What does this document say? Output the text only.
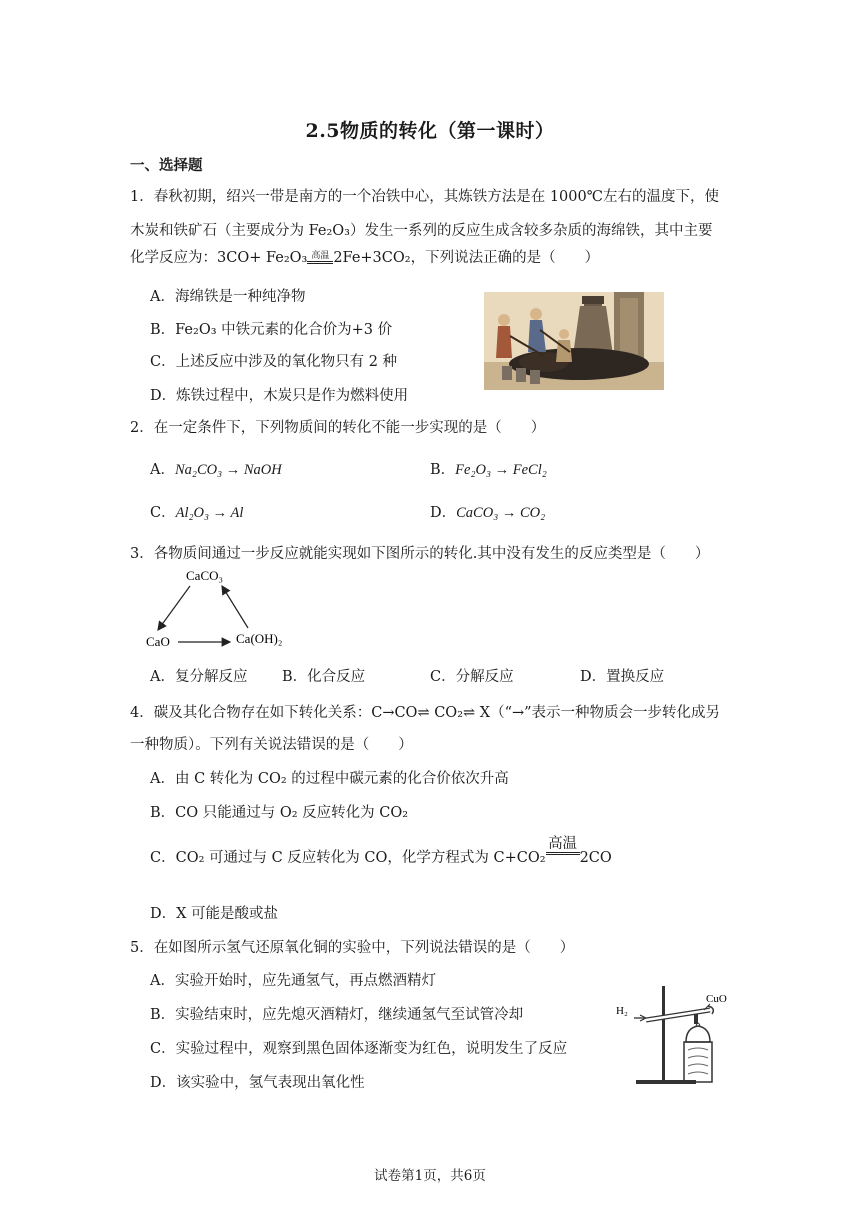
2.5物质的转化（第一课时）
一、选择题
1．春秋初期，绍兴一带是南方的一个冶铁中心，其炼铁方法是在 1000℃左右的温度下，使
木炭和铁矿石（主要成分为 Fe₂O₃）发生一系列的反应生成含较多杂质的海绵铁，其中主要
化学反应为：3CO+ Fe₂O₃ 高温 2Fe+3CO₂，下列说法正确的是（　　）
A．海绵铁是一种纯净物
B．Fe₂O₃ 中铁元素的化合价为+3 价
C．上述反应中涉及的氧化物只有 2 种
D．炼铁过程中，木炭只是作为燃料使用
2．在一定条件下，下列物质间的转化不能一步实现的是（　　）
A．Na₂CO₃ → NaOH	B．Fe₂O₃ → FeCl₂
C．Al₂O₃ → Al	D．CaCO₃ → CO₂
3．各物质间通过一步反应就能实现如下图所示的转化.其中没有发生的反应类型是（　　）
CaCO₃
CaO	Ca(OH)₂
A．复分解反应 B．化合反应	C．分解反应	D．置换反应
4．碳及其化合物存在如下转化关系：C→CO⇌ CO₂⇌ X（“→”表示一种物质会一步转化成另
一种物质）。下列有关说法错误的是（　　）
A．由 C 转化为 CO₂ 的过程中碳元素的化合价依次升高
B．CO 只能通过与 O₂ 反应转化为 CO₂
C．CO₂ 可通过与 C 反应转化为 CO，化学方程式为 C+CO₂
高温
2CO
D．X 可能是酸或盐
5．在如图所示氢气还原氧化铜的实验中，下列说法错误的是（　　）
A．实验开始时，应先通氢气，再点燃酒精灯
B．实验结束时，应先熄灭酒精灯，继续通氢气至试管冷却
C．实验过程中，观察到黑色固体逐渐变为红色，说明发生了反应
D．该实验中，氢气表现出氧化性
H₂
CuO
试卷第1页，共6页
